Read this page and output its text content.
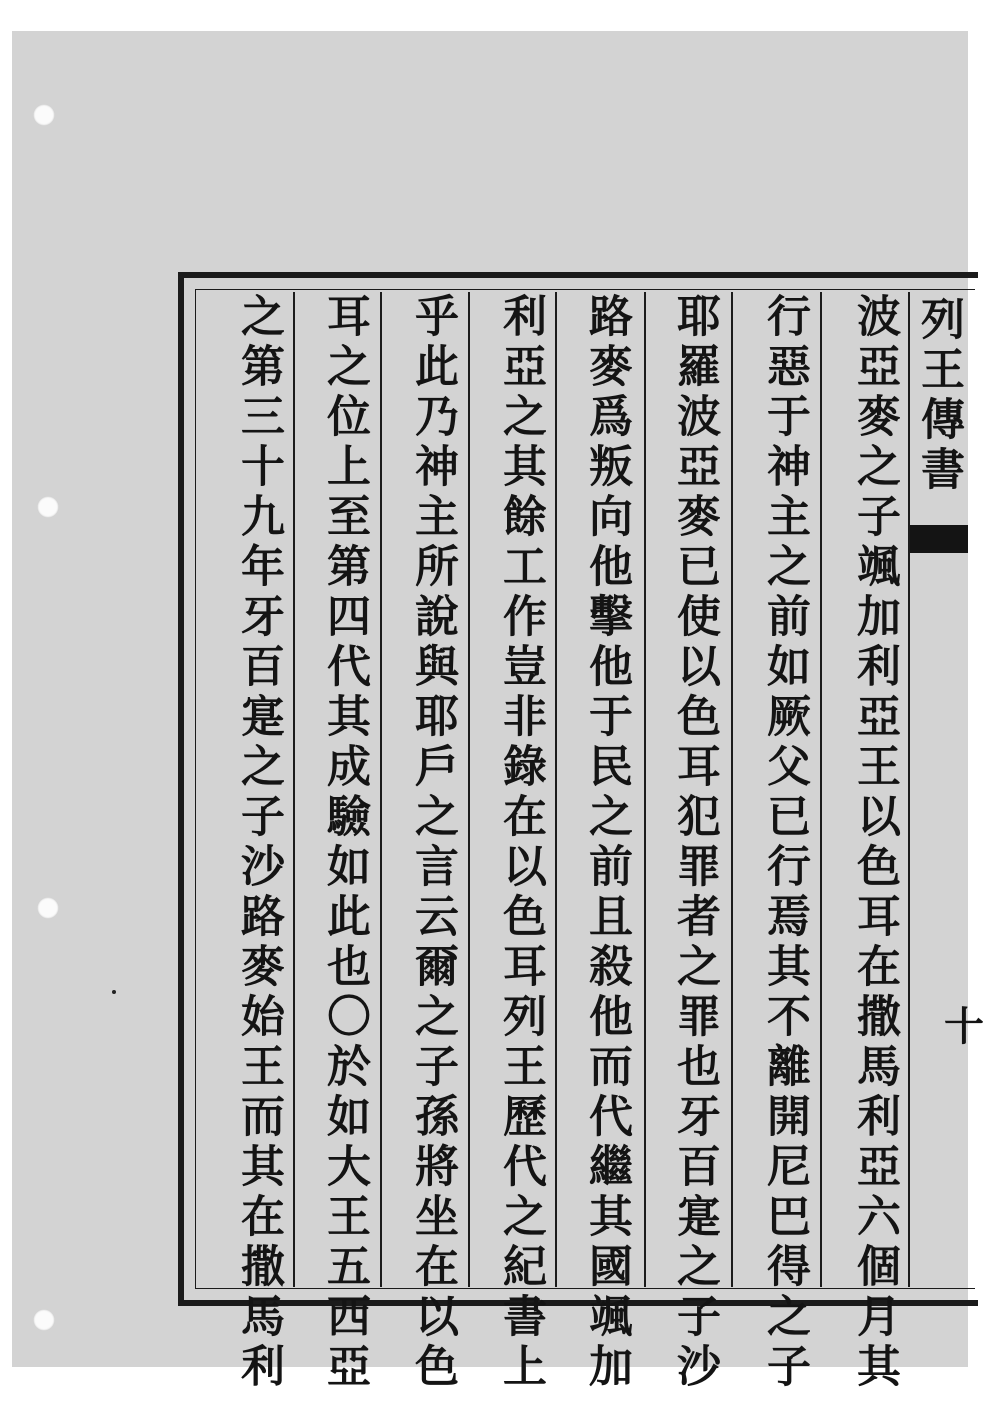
列王傳書
十
波亞麥之子颯加利亞王以色耳在撒馬利亞六個月其
行惡于神主之前如厥父已行焉其不離開尼巴得之子
耶羅波亞麥已使以色耳犯罪者之罪也牙百寔之子沙
路麥爲叛向他擊他于民之前且殺他而代繼其國颯加
利亞之其餘工作豈非錄在以色耳列王歷代之紀書上
乎此乃神主所說與耶戶之言云爾之子孫將坐在以色
耳之位上至第四代其成驗如此也〇於如大王五西亞
之第三十九年牙百寔之子沙路麥始王而其在撒馬利
